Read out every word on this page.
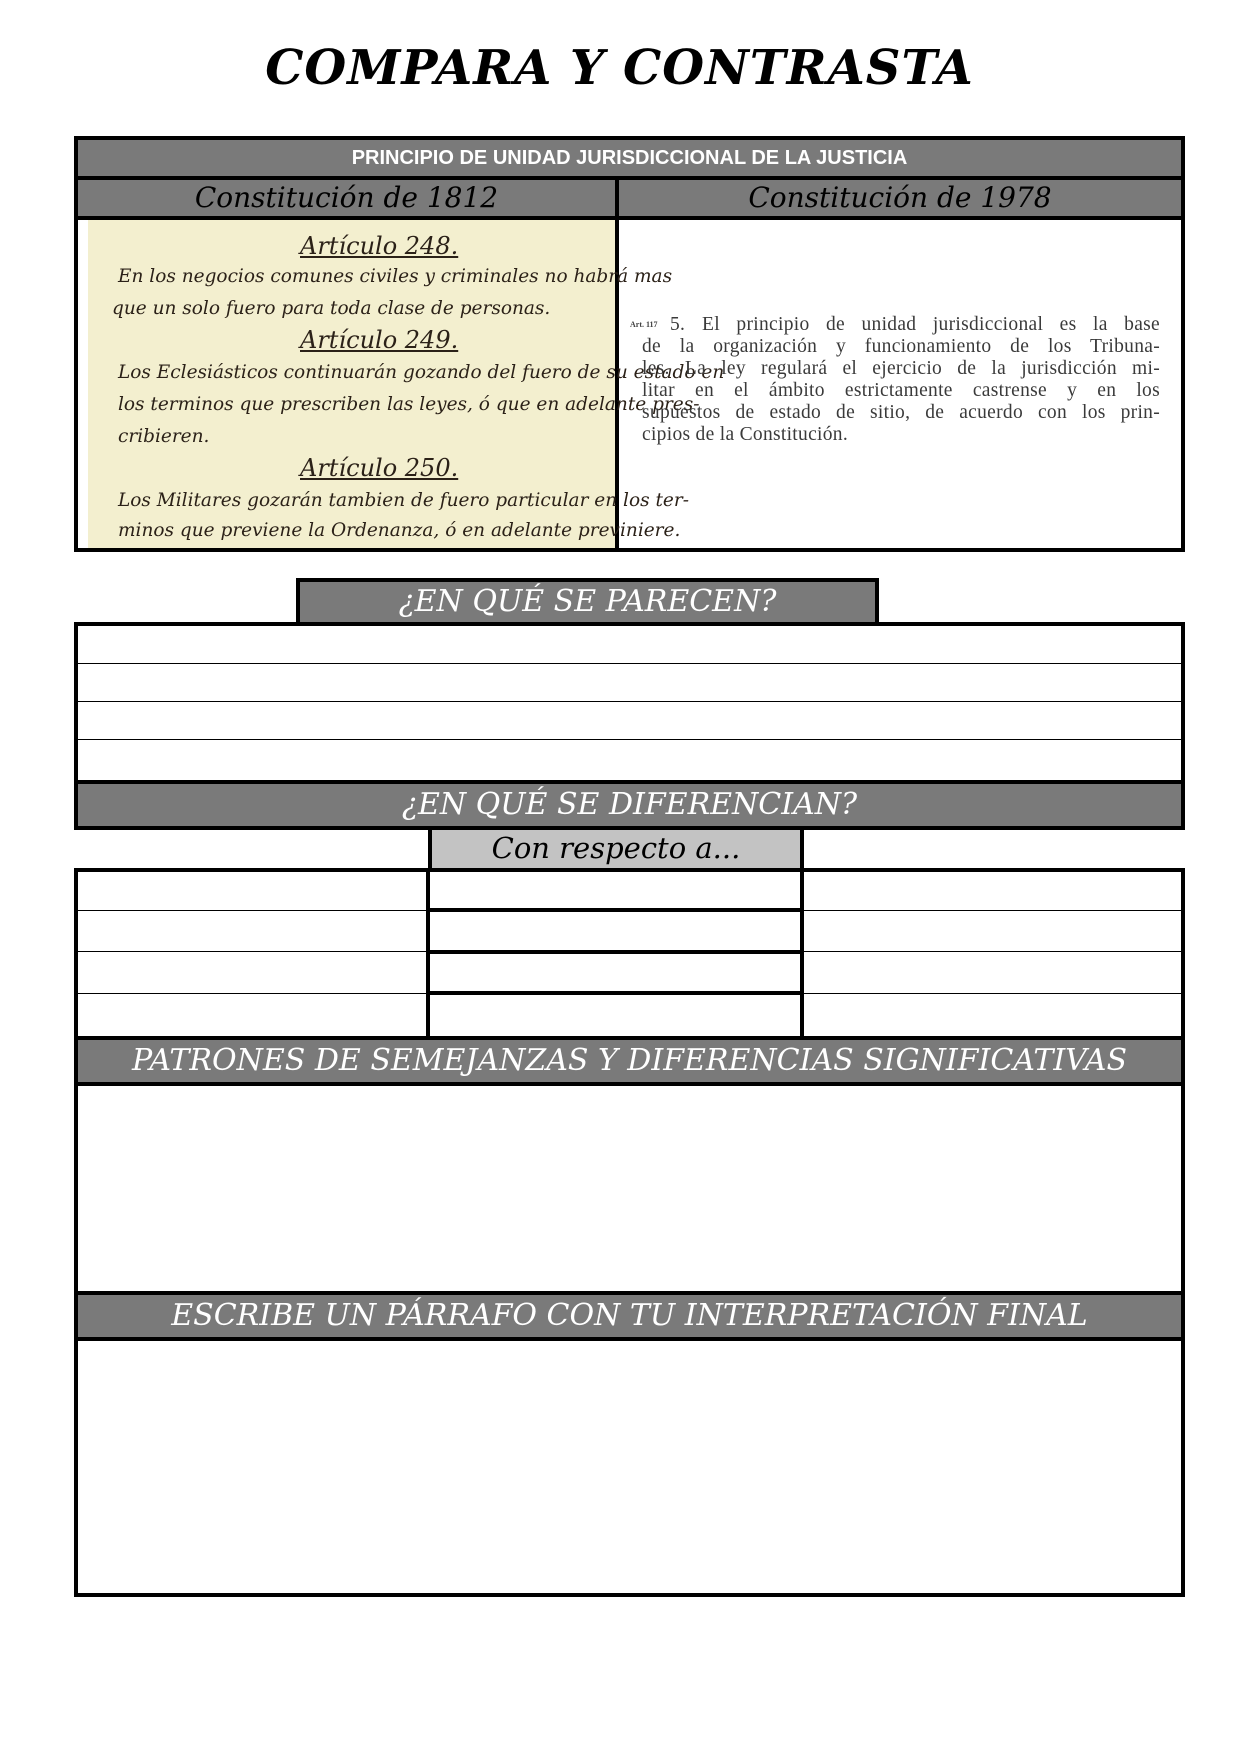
COMPARA Y CONTRASTA
PRINCIPIO DE UNIDAD JURISDICCIONAL DE LA JUSTICIA
Constitución de 1812	Constitución de 1978
Artículo 248.
En los negocios comunes civiles y criminales no habrá mas
que un solo fuero para toda clase de personas.
Artículo 249.
Los Eclesiásticos continuarán gozando del fuero de su estado en
los terminos que prescriben las leyes, ó que en adelante pres-
cribieren.
Artículo 250.
Los Militares gozarán tambien de fuero particular en los ter-
minos que previene la Ordenanza, ó en adelante previniere.
Art. 117 5. El principio de unidad jurisdiccional es la base
de la organización y funcionamiento de los Tribuna-
les. La ley regulará el ejercicio de la jurisdicción mi-
litar en el ámbito estrictamente castrense y en los
supuestos de estado de sitio, de acuerdo con los prin-
cipios de la Constitución.
¿EN QUÉ SE PARECEN?
¿EN QUÉ SE DIFERENCIAN?
Con respecto a...
PATRONES DE SEMEJANZAS Y DIFERENCIAS SIGNIFICATIVAS
ESCRIBE UN PÁRRAFO CON TU INTERPRETACIÓN FINAL
